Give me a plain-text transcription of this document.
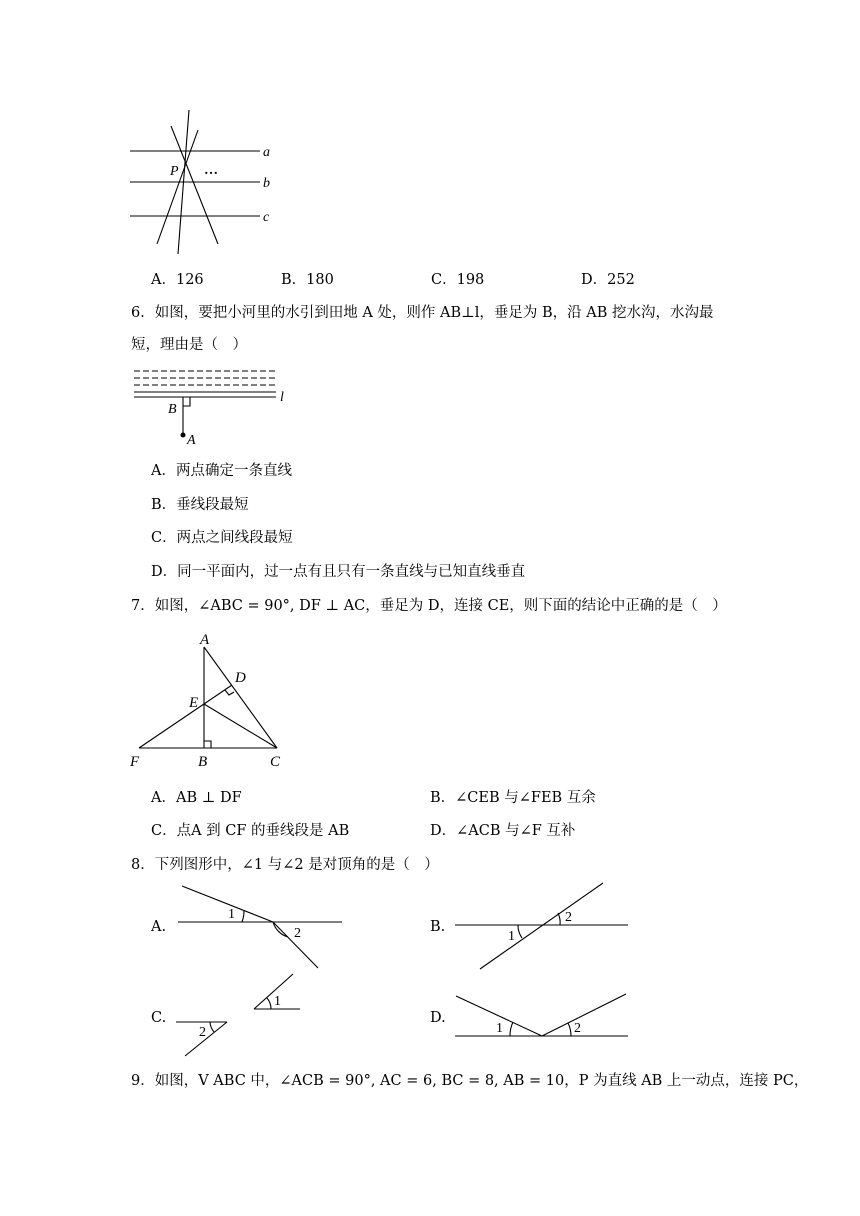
P …
a
b
c
A．126	B．180	C．198	D．252
6．如图，要把小河里的水引到田地 A 处，则作 AB⊥l，垂足为 B，沿 AB 挖水沟，水沟最
短，理由是（　）
B
A
l
A．两点确定一条直线
B．垂线段最短
C．两点之间线段最短
D．同一平面内，过一点有且只有一条直线与已知直线垂直
7．如图，∠ABC = 90°, DF ⊥ AC，垂足为 D，连接 CE，则下面的结论中正确的是（　）
A
D
E
F	B	C
A．AB ⊥ DF	B．∠CEB 与∠FEB 互余
C．点A 到 CF 的垂线段是 AB	D．∠ACB 与∠F 互补
8．下列图形中，∠1 与∠2 是对顶角的是（　）
A.
1
2	B.
1
2
C.
1
2
D.
1	2
9．如图，V ABC 中，∠ACB = 90°, AC = 6, BC = 8, AB = 10，P 为直线 AB 上一动点，连接 PC，
